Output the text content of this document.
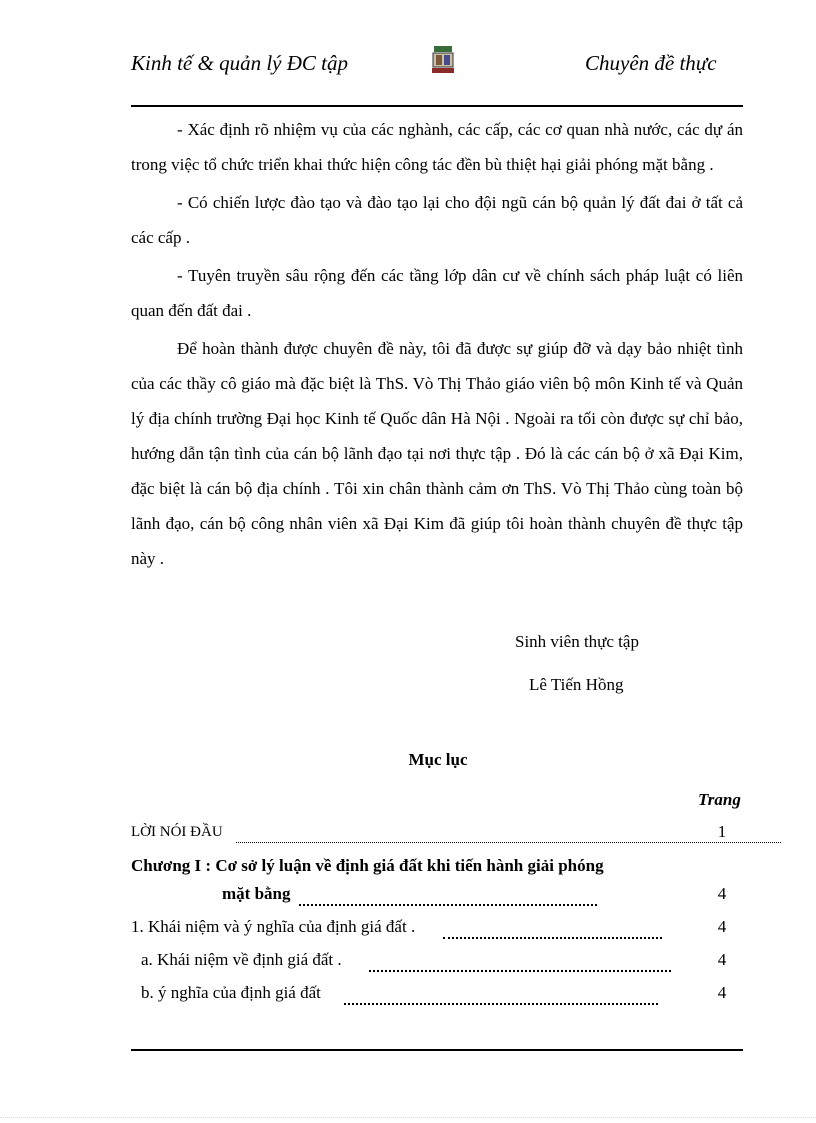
Kinh tế & quản lý ĐC tập	Chuyên đề thực

- Xác định rõ nhiệm vụ của các nghành, các cấp, các cơ quan nhà nước, các dự án trong việc tổ chức triển khai thức hiện công tác đền bù thiệt hại giải phóng mặt bằng .

- Có chiến lược đào tạo và đào tạo lại cho đội ngũ cán bộ quản lý đất đai ở tất cả các cấp .

- Tuyên truyền sâu rộng đến các tầng lớp dân cư về chính sách pháp luật có liên quan đến đất đai .

Để hoàn thành được chuyên đề này, tôi đã được sự giúp đỡ và dạy bảo nhiệt tình của các thầy cô giáo mà đặc biệt là ThS. Vò Thị Thảo giáo viên bộ môn Kinh tế và Quản lý địa chính trường Đại học Kinh tế Quốc dân Hà Nội . Ngoài ra tối còn được sự chỉ bảo, hướng dẫn tận tình của cán bộ lãnh đạo tại nơi thực tập . Đó là các cán bộ ở xã Đại Kim, đặc biệt là cán bộ địa chính . Tôi xin chân thành cảm ơn ThS. Vò Thị Thảo cùng toàn bộ lãnh đạo, cán bộ công nhân viên xã Đại Kim đã giúp tôi hoàn thành chuyên đề thực tập này .

Sinh viên thực tập
Lê Tiến Hồng
Mục lục
Trang
LỜI NÓI ĐẦU	1
Chương I : Cơ sở lý luận về định giá đất khi tiến hành giải phóng
mặt bằng	4
1. Khái niệm và ý nghĩa của định giá đất .	4
a. Khái niệm về định giá đất .	4
b. ý nghĩa của định giá đất	4
